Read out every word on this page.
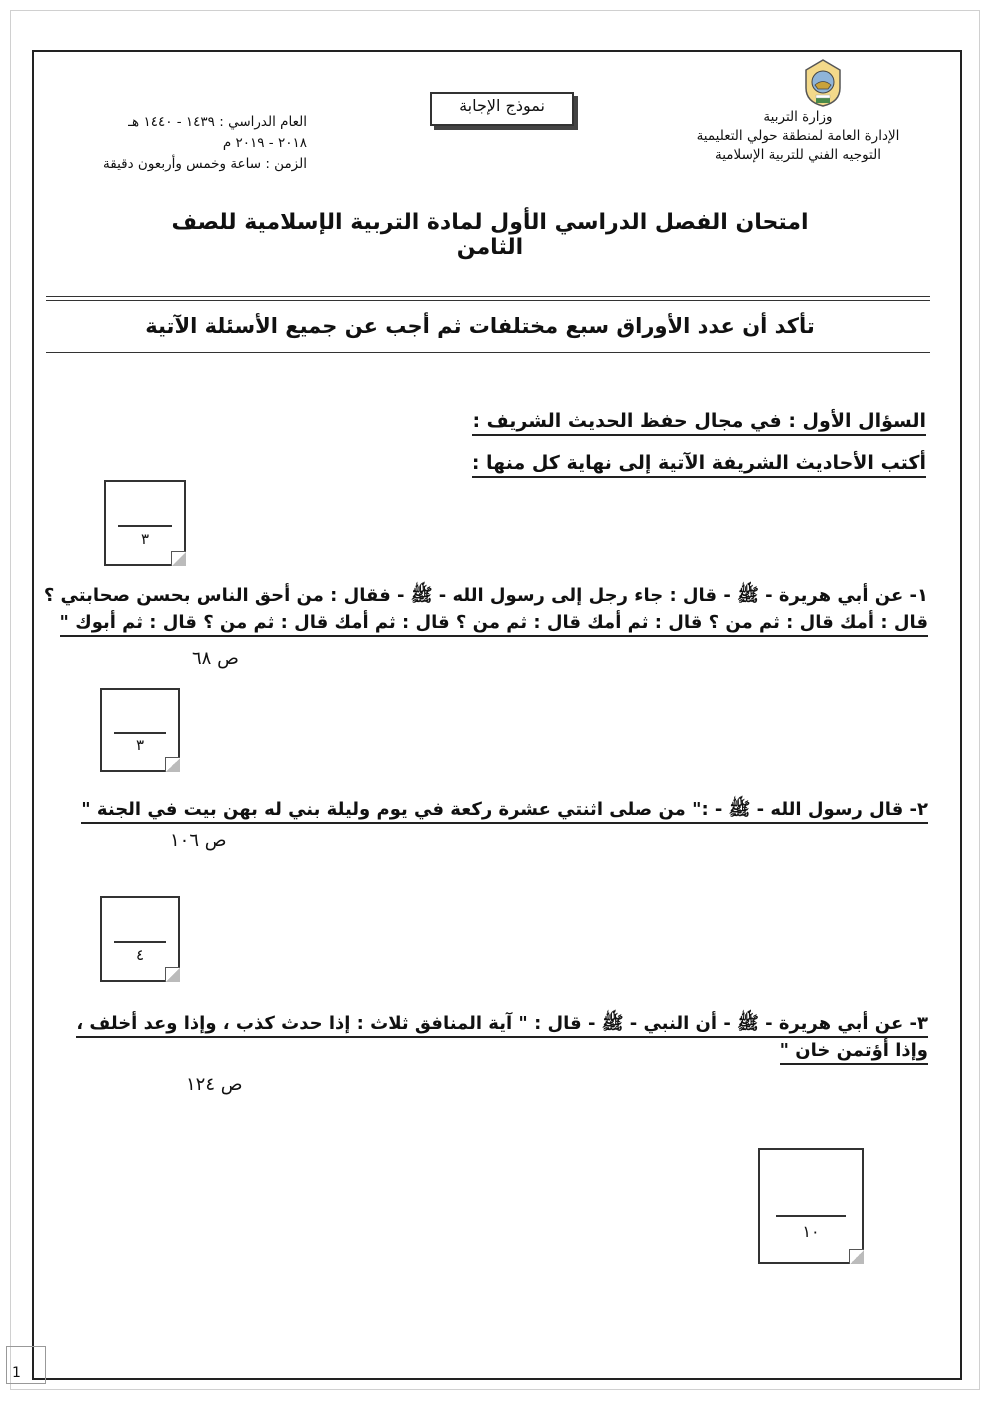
وزارة التربية
الإدارة العامة لمنطقة حولي التعليمية
التوجيه الفني للتربية الإسلامية
نموذج الإجابة
العام الدراسي : ١٤٣٩ - ١٤٤٠ هـ
٢٠١٨ - ٢٠١٩ م
الزمن : ساعة وخمس وأربعون دقيقة
امتحان الفصل الدراسي الأول لمادة التربية الإسلامية للصف الثامن
تأكد أن عدد الأوراق سبع مختلفات ثم أجب عن جميع الأسئلة الآتية
السؤال الأول : في مجال حفظ الحديث الشريف :
أكتب الأحاديث الشريفة الآتية إلى نهاية كل منها :
٣
١- عن أبي هريرة - ﷺ - قال : جاء رجل إلى رسول الله - ﷺ - فقال : من أحق الناس بحسن صحابتي ؟
قال : أمك قال : ثم من ؟ قال : ثم أمك قال : ثم من ؟ قال : ثم أمك قال : ثم من ؟ قال : ثم أبوك "
ص ٦٨
٣
٢- قال رسول الله - ﷺ - :" من صلى اثنتي عشرة ركعة في يوم وليلة بني له بهن بيت في الجنة "
ص ١٠٦
٤
٣- عن أبي هريرة - ﷺ - أن النبي - ﷺ - قال : " آية المنافق ثلاث : إذا حدث كذب ، وإذا وعد أخلف ،
وإذا أؤتمن خان "
ص ١٢٤
١٠
1
